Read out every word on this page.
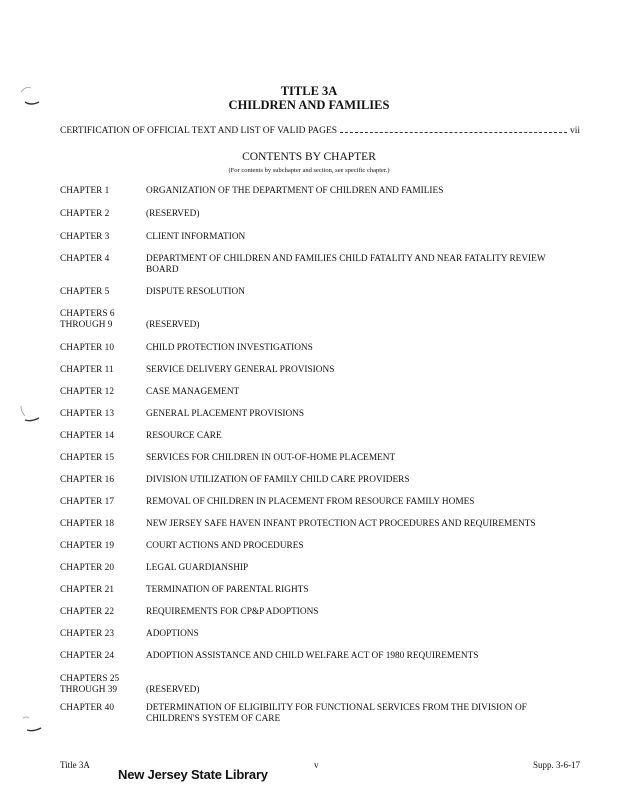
TITLE 3A
CHILDREN AND FAMILIES
CERTIFICATION OF OFFICIAL TEXT AND LIST OF VALID PAGES	vii
CONTENTS BY CHAPTER
(For contents by subchapter and section, see specific chapter.)
CHAPTER 1	ORGANIZATION OF THE DEPARTMENT OF CHILDREN AND FAMILIES
CHAPTER 2	(RESERVED)
CHAPTER 3	CLIENT INFORMATION
CHAPTER 4	DEPARTMENT OF CHILDREN AND FAMILIES CHILD FATALITY AND NEAR FATALITY REVIEW BOARD
CHAPTER 5	DISPUTE RESOLUTION
CHAPTERS 6 THROUGH 9	(RESERVED)
CHAPTER 10	CHILD PROTECTION INVESTIGATIONS
CHAPTER 11	SERVICE DELIVERY GENERAL PROVISIONS
CHAPTER 12	CASE MANAGEMENT
CHAPTER 13	GENERAL PLACEMENT PROVISIONS
CHAPTER 14	RESOURCE CARE
CHAPTER 15	SERVICES FOR CHILDREN IN OUT-OF-HOME PLACEMENT
CHAPTER 16	DIVISION UTILIZATION OF FAMILY CHILD CARE PROVIDERS
CHAPTER 17	REMOVAL OF CHILDREN IN PLACEMENT FROM RESOURCE FAMILY HOMES
CHAPTER 18	NEW JERSEY SAFE HAVEN INFANT PROTECTION ACT PROCEDURES AND REQUIREMENTS
CHAPTER 19	COURT ACTIONS AND PROCEDURES
CHAPTER 20	LEGAL GUARDIANSHIP
CHAPTER 21	TERMINATION OF PARENTAL RIGHTS
CHAPTER 22	REQUIREMENTS FOR CP&P ADOPTIONS
CHAPTER 23	ADOPTIONS
CHAPTER 24	ADOPTION ASSISTANCE AND CHILD WELFARE ACT OF 1980 REQUIREMENTS
CHAPTERS 25 THROUGH 39	(RESERVED)
CHAPTER 40	DETERMINATION OF ELIGIBILITY FOR FUNCTIONAL SERVICES FROM THE DIVISION OF CHILDREN'S SYSTEM OF CARE
Title 3A	v	Supp. 3-6-17
New Jersey State Library
